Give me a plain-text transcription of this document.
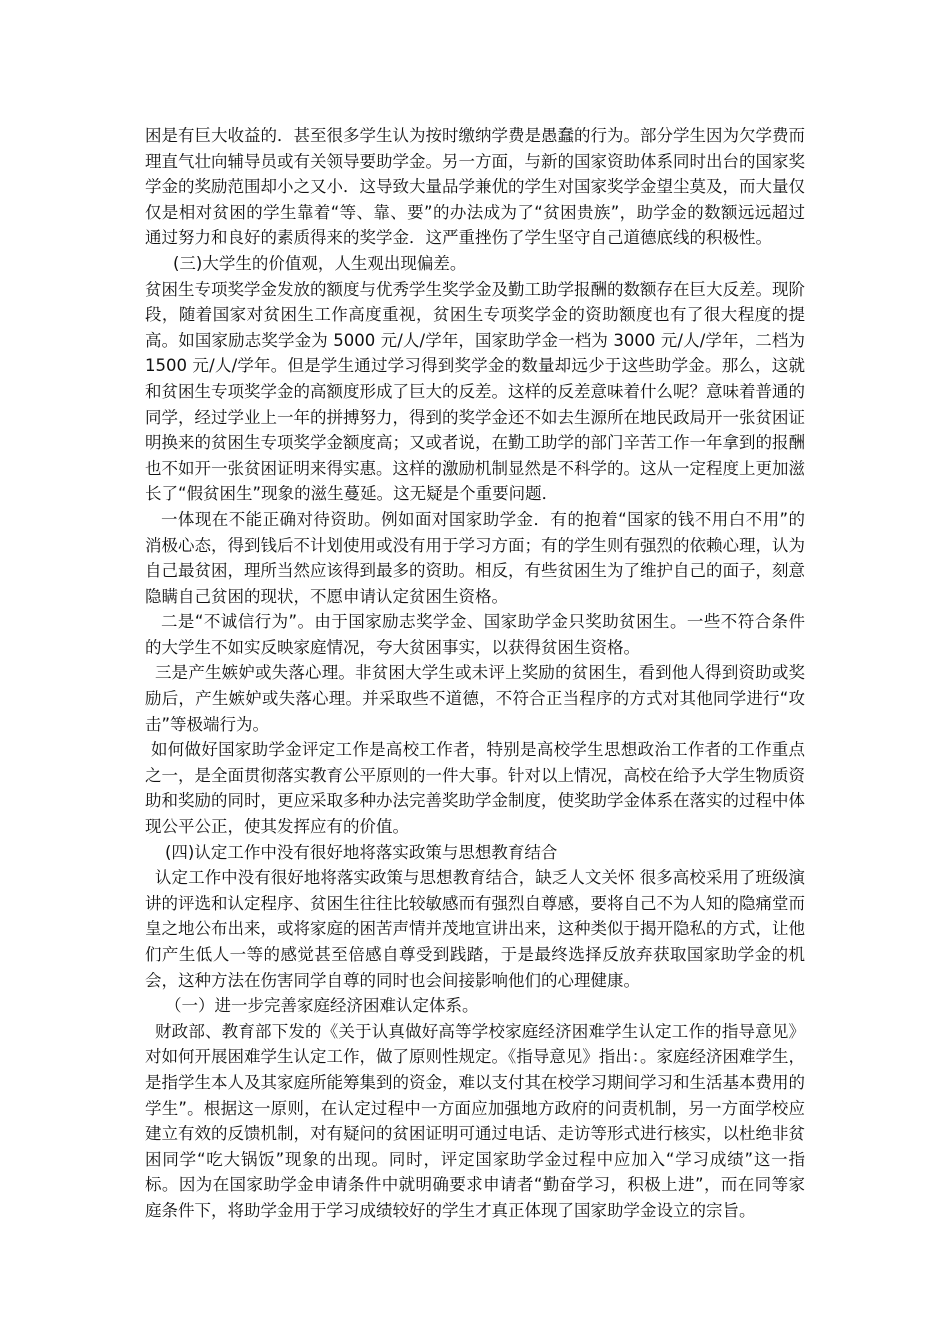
困是有巨大收益的．甚至很多学生认为按时缴纳学费是愚蠢的行为。部分学生因为欠学费而理直气壮向辅导员或有关领导要助学金。另一方面，与新的国家资助体系同时出台的国家奖学金的奖励范围却小之又小．这导致大量品学兼优的学生对国家奖学金望尘莫及，而大量仅仅是相对贫困的学生靠着“等、靠、要”的办法成为了“贫困贵族”，助学金的数额远远超过通过努力和良好的素质得来的奖学金．这严重挫伤了学生坚守自己道德底线的积极性。

(三)大学生的价值观，人生观出现偏差。

贫困生专项奖学金发放的额度与优秀学生奖学金及勤工助学报酬的数额存在巨大反差。现阶段，随着国家对贫困生工作高度重视，贫困生专项奖学金的资助额度也有了很大程度的提高。如国家励志奖学金为 5000 元/人/学年，国家助学金一档为 3000 元/人/学年，二档为 1500 元/人/学年。但是学生通过学习得到奖学金的数量却远少于这些助学金。那么，这就和贫困生专项奖学金的高额度形成了巨大的反差。这样的反差意味着什么呢？意味着普通的同学，经过学业上一年的拼搏努力，得到的奖学金还不如去生源所在地民政局开一张贫困证明换来的贫困生专项奖学金额度高；又或者说，在勤工助学的部门辛苦工作一年拿到的报酬也不如开一张贫困证明来得实惠。这样的激励机制显然是不科学的。这从一定程度上更加滋长了“假贫困生”现象的滋生蔓延。这无疑是个重要问题．

一体现在不能正确对待资助。例如面对国家助学金．有的抱着“国家的钱不用白不用”的消极心态，得到钱后不计划使用或没有用于学习方面；有的学生则有强烈的依赖心理，认为自己最贫困，理所当然应该得到最多的资助。相反，有些贫困生为了维护自己的面子，刻意隐瞒自己贫困的现状，不愿申请认定贫困生资格。

二是“不诚信行为”。由于国家励志奖学金、国家助学金只奖助贫困生。一些不符合条件的大学生不如实反映家庭情况，夸大贫困事实，以获得贫困生资格。

三是产生嫉妒或失落心理。非贫困大学生或未评上奖励的贫困生，看到他人得到资助或奖励后，产生嫉妒或失落心理。并采取些不道德，不符合正当程序的方式对其他同学进行“攻击”等极端行为。

如何做好国家助学金评定工作是高校工作者，特别是高校学生思想政治工作者的工作重点之一，是全面贯彻落实教育公平原则的一件大事。针对以上情况，高校在给予大学生物质资助和奖励的同时，更应采取多种办法完善奖助学金制度，使奖助学金体系在落实的过程中体现公平公正，使其发挥应有的价值。

(四)认定工作中没有很好地将落实政策与思想教育结合

认定工作中没有很好地将落实政策与思想教育结合，缺乏人文关怀 很多高校采用了班级演讲的评选和认定程序、贫困生往往比较敏感而有强烈自尊感，要将自己不为人知的隐痛堂而皇之地公布出来，或将家庭的困苦声情并茂地宣讲出来，这种类似于揭开隐私的方式，让他们产生低人一等的感觉甚至倍感自尊受到践踏，于是最终选择反放弃获取国家助学金的机会，这种方法在伤害同学自尊的同时也会间接影响他们的心理健康。

（一）进一步完善家庭经济困难认定体系。

财政部、教育部下发的《关于认真做好高等学校家庭经济困难学生认定工作的指导意见》对如何开展困难学生认定工作，做了原则性规定。《指导意见》指出：。家庭经济困难学生，是指学生本人及其家庭所能筹集到的资金，难以支付其在校学习期间学习和生活基本费用的学生”。根据这一原则，在认定过程中一方面应加强地方政府的问责机制，另一方面学校应建立有效的反馈机制，对有疑问的贫困证明可通过电话、走访等形式进行核实，以杜绝非贫困同学“吃大锅饭”现象的出现。同时，评定国家助学金过程中应加入“学习成绩”这一指标。因为在国家助学金申请条件中就明确要求申请者“勤奋学习，积极上进”，而在同等家庭条件下，将助学金用于学习成绩较好的学生才真正体现了国家助学金设立的宗旨。
